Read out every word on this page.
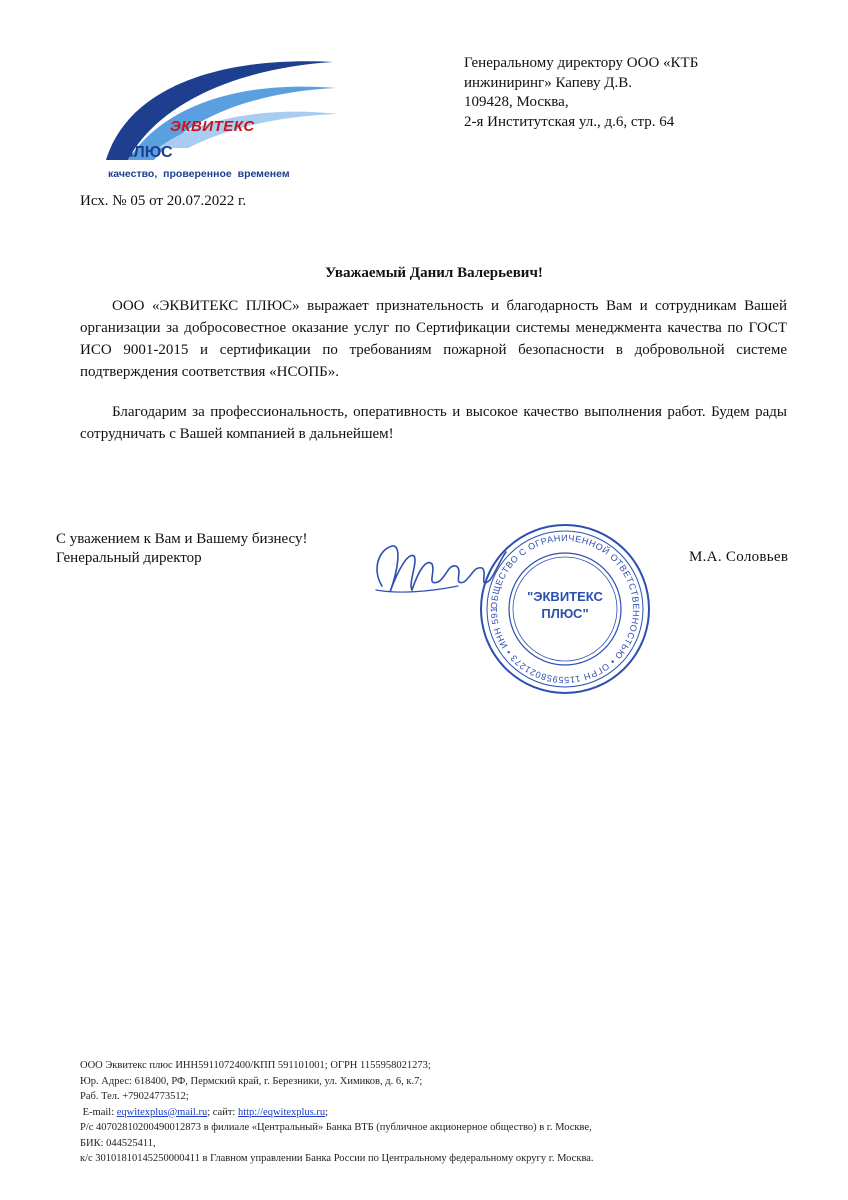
ЭКВИТЕКС
ПЛЮС
качество, проверенное временем
Генеральному директору ООО «КТБ
инжиниринг» Капеву Д.В.
109428, Москва,
2-я Институтская ул., д.6, стр. 64
Исх. № 05 от 20.07.2022 г.
Уважаемый Данил Валерьевич!

ООО «ЭКВИТЕКС ПЛЮС» выражает признательность и благодарность Вам и сотрудникам Вашей организации за добросовестное оказание услуг по Сертификации системы менеджмента качества по ГОСТ ИСО 9001-2015 и сертификации по требованиям пожарной безопасности в добровольной системе подтверждения соответствия «НСОПБ».

Благодарим за профессиональность, оперативность и высокое качество выполнения работ. Будем рады сотрудничать с Вашей компанией в дальнейшем!

С уважением к Вам и Вашему бизнесу!
Генеральный директор
ОБЩЕСТВО С ОГРАНИЧЕННОЙ ОТВЕТСТВЕННОСТЬЮ • ОГРН 1155958021273 • ИНН 591
"ЭКВИТЕКС
ПЛЮС"
М.А. Соловьев
ООО Эквитекс плюс ИНН5911072400/КПП 591101001; ОГРН 1155958021273;
Юр. Адрес: 618400, РФ, Пермский край, г. Березники, ул. Химиков, д. 6, к.7;
Раб. Тел. +79024773512;
E-mail: eqwitexplus@mail.ru; сайт: http://eqwitexplus.ru;
Р/с 40702810200490012873 в филиале «Центральный» Банка ВТБ (публичное акционерное общество) в г. Москве,
БИК: 044525411,
к/с 30101810145250000411 в Главном управлении Банка России по Центральному федеральному округу г. Москва.
